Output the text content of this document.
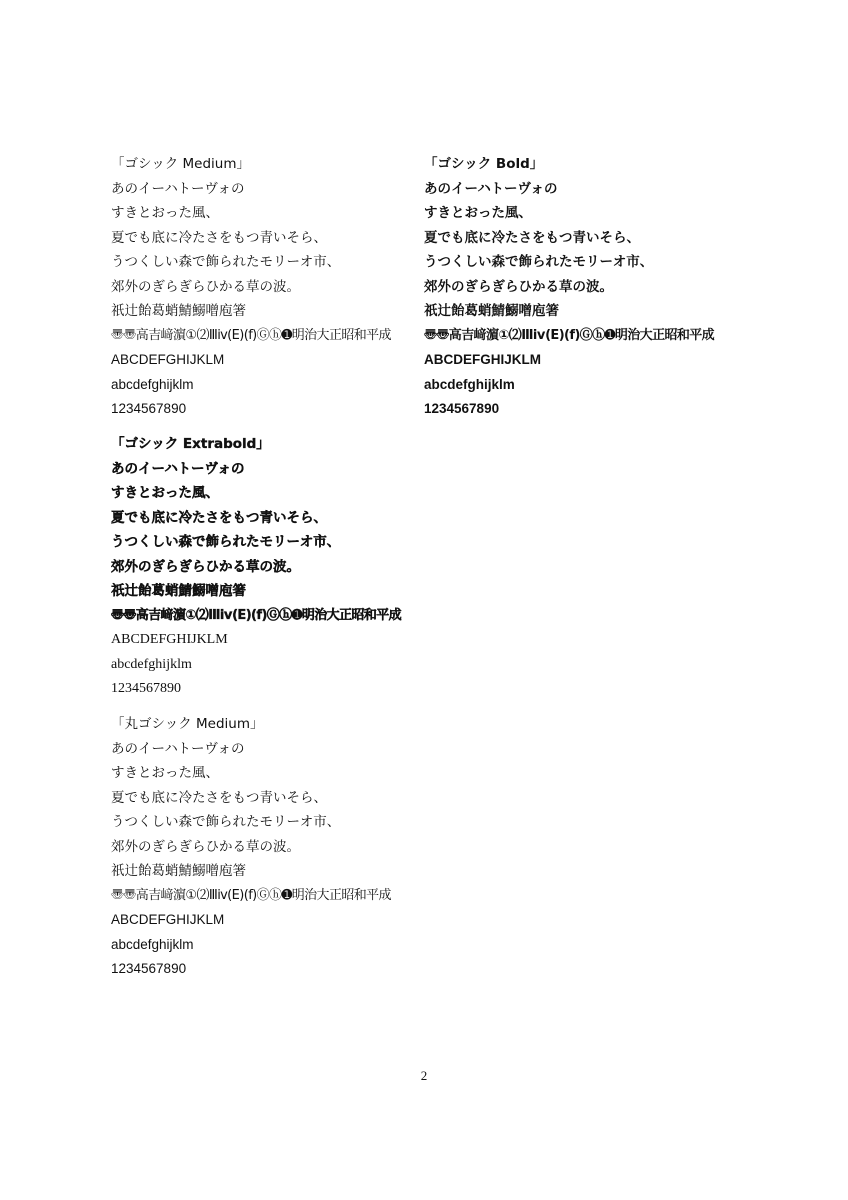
「ゴシック Medium」
あのイーハトーヴォの
すきとおった風、
夏でも底に冷たさをもつ青いそら、
うつくしい森で飾られたモリーオ市、
郊外のぎらぎらひかる草の波。
祇辻飴葛蛸鯖鰯噌庖箸
〠〠高吉﨑濵①⑵Ⅲⅳ(E)(f)Ⓖⓗ➊明治大正昭和平成
ABCDEFGHIJKLM
abcdefghijklm
1234567890
「ゴシック Bold」
あのイーハトーヴォの
すきとおった風、
夏でも底に冷たさをもつ青いそら、
うつくしい森で飾られたモリーオ市、
郊外のぎらぎらひかる草の波。
祇辻飴葛蛸鯖鰯噌庖箸
〠〠高吉﨑濵①⑵Ⅲⅳ(E)(f)Ⓖⓗ➊明治大正昭和平成
ABCDEFGHIJKLM
abcdefghijklm
1234567890
「ゴシック Extrabold」
あのイーハトーヴォの
すきとおった風、
夏でも底に冷たさをもつ青いそら、
うつくしい森で飾られたモリーオ市、
郊外のぎらぎらひかる草の波。
祇辻飴葛蛸鯖鰯噌庖箸
〠〠高吉﨑濵①⑵Ⅲⅳ(E)(f)Ⓖⓗ➊明治大正昭和平成
ABCDEFGHIJKLM
abcdefghijklm
1234567890
「丸ゴシック Medium」
あのイーハトーヴォの
すきとおった風、
夏でも底に冷たさをもつ青いそら、
うつくしい森で飾られたモリーオ市、
郊外のぎらぎらひかる草の波。
祇辻飴葛蛸鯖鰯噌庖箸
〠〠高吉﨑濵①⑵Ⅲⅳ(E)(f)Ⓖⓗ➊明治大正昭和平成
ABCDEFGHIJKLM
abcdefghijklm
1234567890
2
